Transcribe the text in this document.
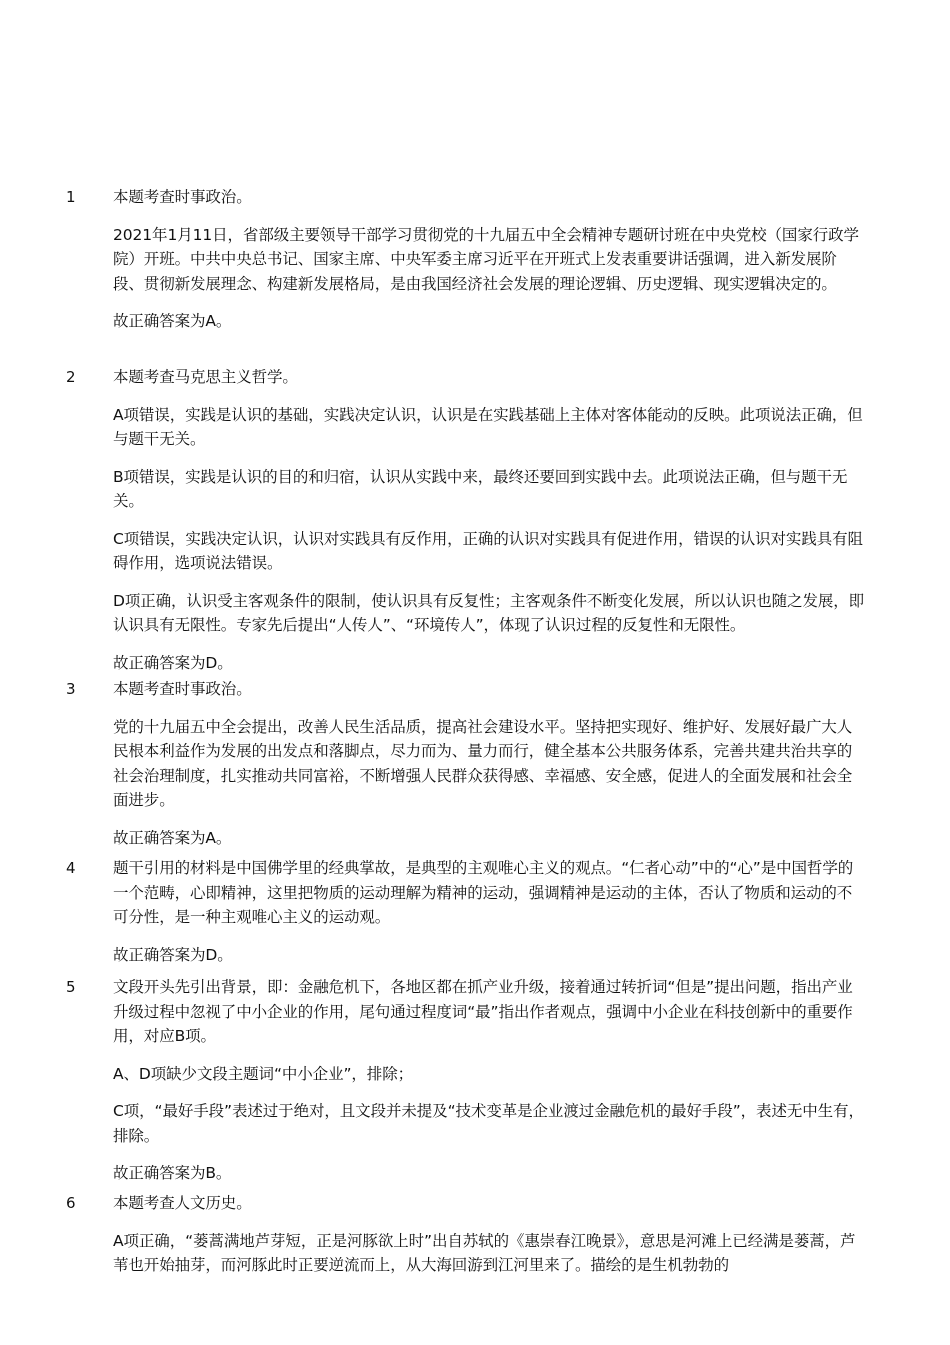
1 本题考查时事政治。

2021年1月11日，省部级主要领导干部学习贯彻党的十九届五中全会精神专题研讨班在中央党校（国家行政学院）开班。中共中央总书记、国家主席、中央军委主席习近平在开班式上发表重要讲话强调，进入新发展阶段、贯彻新发展理念、构建新发展格局，是由我国经济社会发展的理论逻辑、历史逻辑、现实逻辑决定的。

故正确答案为A。

2 本题考查马克思主义哲学。

A项错误，实践是认识的基础，实践决定认识，认识是在实践基础上主体对客体能动的反映。此项说法正确，但与题干无关。

B项错误，实践是认识的目的和归宿，认识从实践中来，最终还要回到实践中去。此项说法正确，但与题干无关。

C项错误，实践决定认识，认识对实践具有反作用，正确的认识对实践具有促进作用，错误的认识对实践具有阻碍作用，选项说法错误。

D项正确，认识受主客观条件的限制，使认识具有反复性；主客观条件不断变化发展，所以认识也随之发展，即认识具有无限性。专家先后提出“人传人”、“环境传人”，体现了认识过程的反复性和无限性。

故正确答案为D。

3 本题考查时事政治。

党的十九届五中全会提出，改善人民生活品质，提高社会建设水平。坚持把实现好、维护好、发展好最广大人民根本利益作为发展的出发点和落脚点，尽力而为、量力而行，健全基本公共服务体系，完善共建共治共享的社会治理制度，扎实推动共同富裕，不断增强人民群众获得感、幸福感、安全感，促进人的全面发展和社会全面进步。

故正确答案为A。

4 题干引用的材料是中国佛学里的经典掌故，是典型的主观唯心主义的观点。“仁者心动”中的“心”是中国哲学的一个范畴，心即精神，这里把物质的运动理解为精神的运动，强调精神是运动的主体，否认了物质和运动的不可分性，是一种主观唯心主义的运动观。

故正确答案为D。

5 文段开头先引出背景，即：金融危机下，各地区都在抓产业升级，接着通过转折词“但是”提出问题，指出产业升级过程中忽视了中小企业的作用，尾句通过程度词“最”指出作者观点，强调中小企业在科技创新中的重要作用，对应B项。

A、D项缺少文段主题词“中小企业”，排除；

C项，“最好手段”表述过于绝对，且文段并未提及“技术变革是企业渡过金融危机的最好手段”，表述无中生有，排除。

故正确答案为B。

6 本题考查人文历史。

A项正确，“蒌蒿满地芦芽短，正是河豚欲上时”出自苏轼的《惠崇春江晚景》，意思是河滩上已经满是蒌蒿，芦苇也开始抽芽，而河豚此时正要逆流而上，从大海回游到江河里来了。描绘的是生机勃勃的
